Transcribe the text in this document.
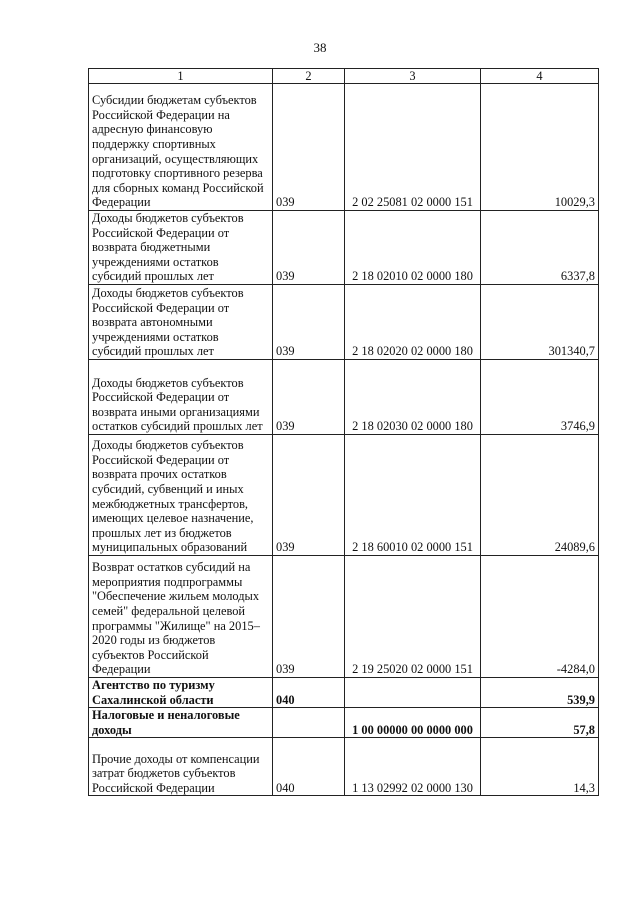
38
1	2	3	4
Субсидии бюджетам субъектов Российской Федерации на адресную финансовую поддержку спортивных организаций, осуществляющих подготовку спортивного резерва для сборных команд Российской Федерации	039	2 02 25081 02 0000 151	10029,3
Доходы бюджетов субъектов Российской Федерации от возврата бюджетными учреждениями остатков субсидий прошлых лет	039	2 18 02010 02 0000 180	6337,8
Доходы бюджетов субъектов Российской Федерации от возврата автономными учреждениями остатков субсидий прошлых лет	039	2 18 02020 02 0000 180	301340,7
Доходы бюджетов субъектов Российской Федерации от возврата иными организациями остатков субсидий прошлых лет	039	2 18 02030 02 0000 180	3746,9
Доходы бюджетов субъектов Российской Федерации от возврата прочих остатков субсидий, субвенций и иных межбюджетных трансфертов, имеющих целевое назначение, прошлых лет из бюджетов муниципальных образований	039	2 18 60010 02 0000 151	24089,6
Возврат остатков субсидий на мероприятия подпрограммы "Обеспечение жильем молодых семей" федеральной целевой программы "Жилище" на 2015–2020 годы из бюджетов субъектов Российской Федерации	039	2 19 25020 02 0000 151	-4284,0
Агентство по туризму Сахалинской области	040		539,9
Налоговые и неналоговые доходы		1 00 00000 00 0000 000	57,8
Прочие доходы от компенсации затрат бюджетов субъектов Российской Федерации	040	1 13 02992 02 0000 130	14,3
